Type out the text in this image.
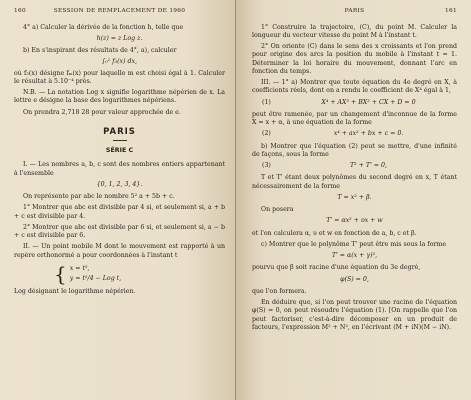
160	SESSION DE REMPLACEMENT DE 1960

4° a) Calculer la dérivée de la fonction h, telle que

h(z) = z Log z.

b) En s'inspirant des résultats de 4°, a), calculer

∫₀¹ f₃(x) dx,

où f₃(x) désigne fₘ(x) pour laquelle m est choisi égal à 1. Calculer le résultat à 5.10⁻⁴ près.

N.B. — La notation Log x signifie logarithme népérien de x. La lettre e désigne la base des logarithmes népériens.

On prendra 2,718 28 pour valeur approchée de e.

PARIS
SÉRIE C

I. — Les nombres a, b, c sont des nombres entiers appartenant à l'ensemble

{0, 1, 2, 3, 4}.

On représente par abc le nombre 5² a + 5b + c.

1° Montrer que abc est divisible par 4 si, et seulement si, a + b + c est divisible par 4.

2° Montrer que abc est divisible par 6 si, et seulement si, a − b + c est divisible par 6.

II. — Un point mobile M dont le mouvement est rapporté à un repère orthonormé a pour coordonnées à l'instant t

{ x = t²,
y = t²/4 − Log t,

Log désignant le logarithme népérien.

PARIS	161

1° Construire la trajectoire, (C), du point M. Calculer la longueur du vecteur vitesse du point M à l'instant t.

2° On oriente (C) dans le sens des x croissants et l'on prend pour origine des arcs la position du mobile à l'instant t = 1. Déterminer la loi horaire du mouvement, donnant l'arc en fonction du temps.

III. — 1° a) Montrer que toute équation du 4e degré en X, à coefficients réels, dont on a rendu le coefficient de X⁴ égal à 1,

(1)	X⁴ + AX³ + BX² + CX + D = 0

peut être ramenée, par un changement d'inconnue de la forme X = x + α, à une équation de la forme

(2)	x⁴ + ax² + bx + c = 0.

b) Montrer que l'équation (2) peut se mettre, d'une infinité de façons, sous la forme

(3)	T² + T' = 0,

T et T' étant deux polynômes du second degré en x, T étant nécessairement de la forme

T = x² + β.

On posera

T' = αx² + υx + w

et l'on calculera α, υ et w en fonction de a, b, c et β.

c) Montrer que le polynôme T' peut être mis sous la forme

T' = α(x + γ)²,

pourvu que β soit racine d'une équation du 3e degré,

φ(S) = 0,

que l'on formera.

En déduire que, si l'on peut trouver une racine de l'équation φ(S) = 0, on peut résoudre l'équation (1). [On rappelle que l'on peut factoriser, c'est-à-dire décomposer en un produit de facteurs, l'expression M² + N², en l'écrivant (M + iN)(M − iN).
